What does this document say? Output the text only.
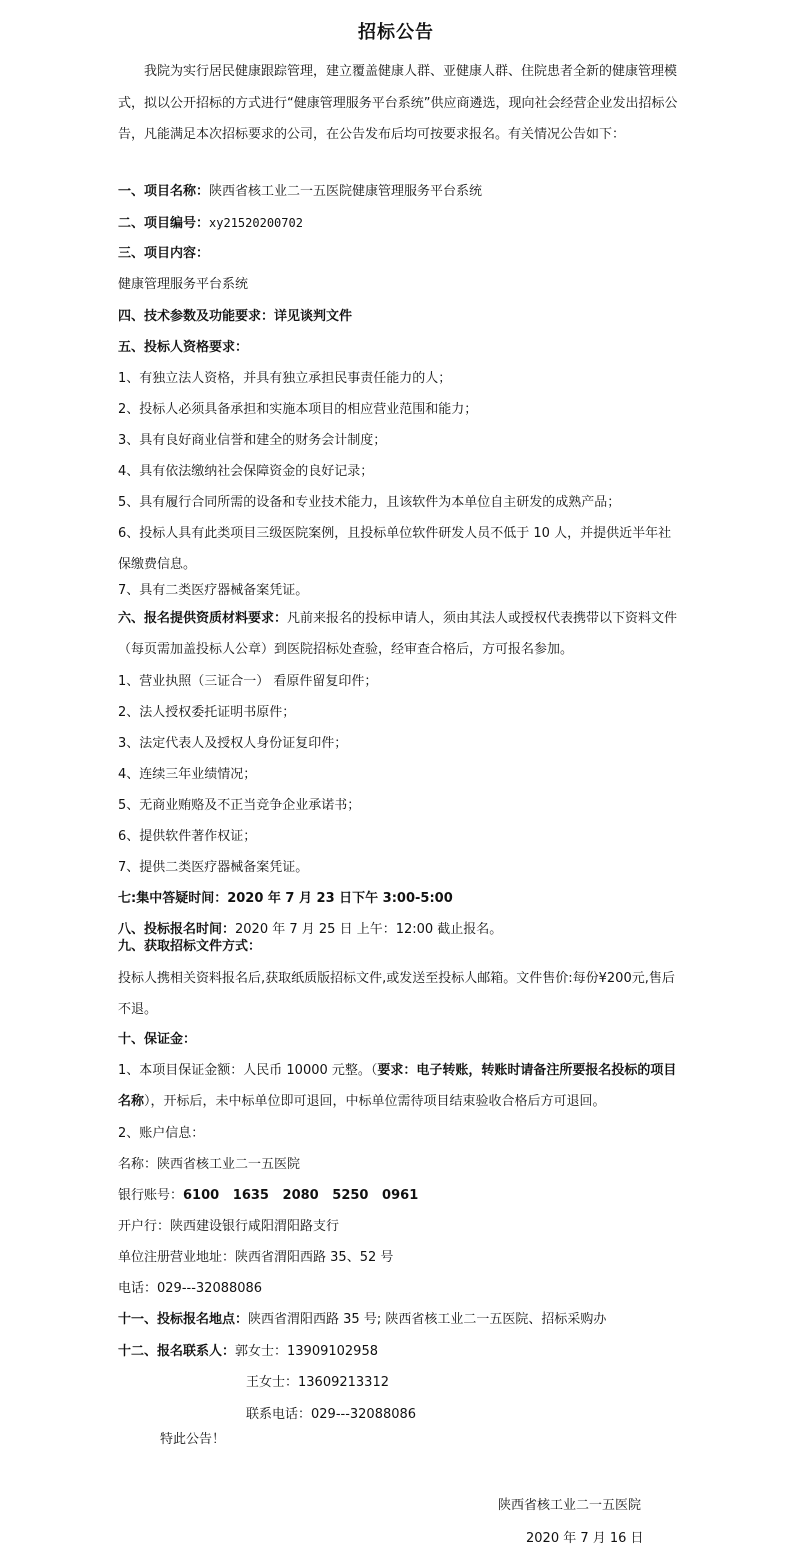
招标公告
我院为实行居民健康跟踪管理，建立覆盖健康人群、亚健康人群、住院患者全新的健康管理模式，拟以公开招标的方式进行“健康管理服务平台系统”供应商遴选，现向社会经营企业发出招标公告，凡能满足本次招标要求的公司，在公告发布后均可按要求报名。有关情况公告如下：
一、项目名称：陕西省核工业二一五医院健康管理服务平台系统
二、项目编号：xy21520200702
三、项目内容：
健康管理服务平台系统
四、技术参数及功能要求：详见谈判文件
五、投标人资格要求：
1、有独立法人资格，并具有独立承担民事责任能力的人；
2、投标人必须具备承担和实施本项目的相应营业范围和能力；
3、具有良好商业信誉和建全的财务会计制度；
4、具有依法缴纳社会保障资金的良好记录；
5、具有履行合同所需的设备和专业技术能力，且该软件为本单位自主研发的成熟产品；
6、投标人具有此类项目三级医院案例，且投标单位软件研发人员不低于 10 人，并提供近半年社保缴费信息。
7、具有二类医疗器械备案凭证。
六、报名提供资质材料要求：凡前来报名的投标申请人，须由其法人或授权代表携带以下资料文件（每页需加盖投标人公章）到医院招标处查验，经审查合格后，方可报名参加。
1、营业执照（三证合一） 看原件留复印件；
2、法人授权委托证明书原件；
3、法定代表人及授权人身份证复印件；
4、连续三年业绩情况；
5、无商业贿赂及不正当竞争企业承诺书；
6、提供软件著作权证；
7、提供二类医疗器械备案凭证。
七:集中答疑时间：2020 年 7 月 23 日下午 3:00-5:00
八、投标报名时间：2020 年 7 月 25 日 上午：12:00 截止报名。
九、获取招标文件方式：
投标人携相关资料报名后,获取纸质版招标文件,或发送至投标人邮箱。文件售价:每份¥200元,售后不退。
十、保证金：
1、本项目保证金额：人民币 10000 元整。（要求：电子转账，转账时请备注所要报名投标的项目名称），开标后，未中标单位即可退回，中标单位需待项目结束验收合格后方可退回。
2、账户信息：
名称：陕西省核工业二一五医院
银行账号：6100   1635   2080   5250   0961
开户行：陕西建设银行咸阳渭阳路支行
单位注册营业地址：陕西省渭阳西路 35、52 号
电话：029---32088086
十一、投标报名地点：陕西省渭阳西路 35 号; 陕西省核工业二一五医院、招标采购办
十二、报名联系人：郭女士：13909102958
王女士：13609213312
联系电话：029---32088086
特此公告！
陕西省核工业二一五医院
2020 年 7 月 16 日
